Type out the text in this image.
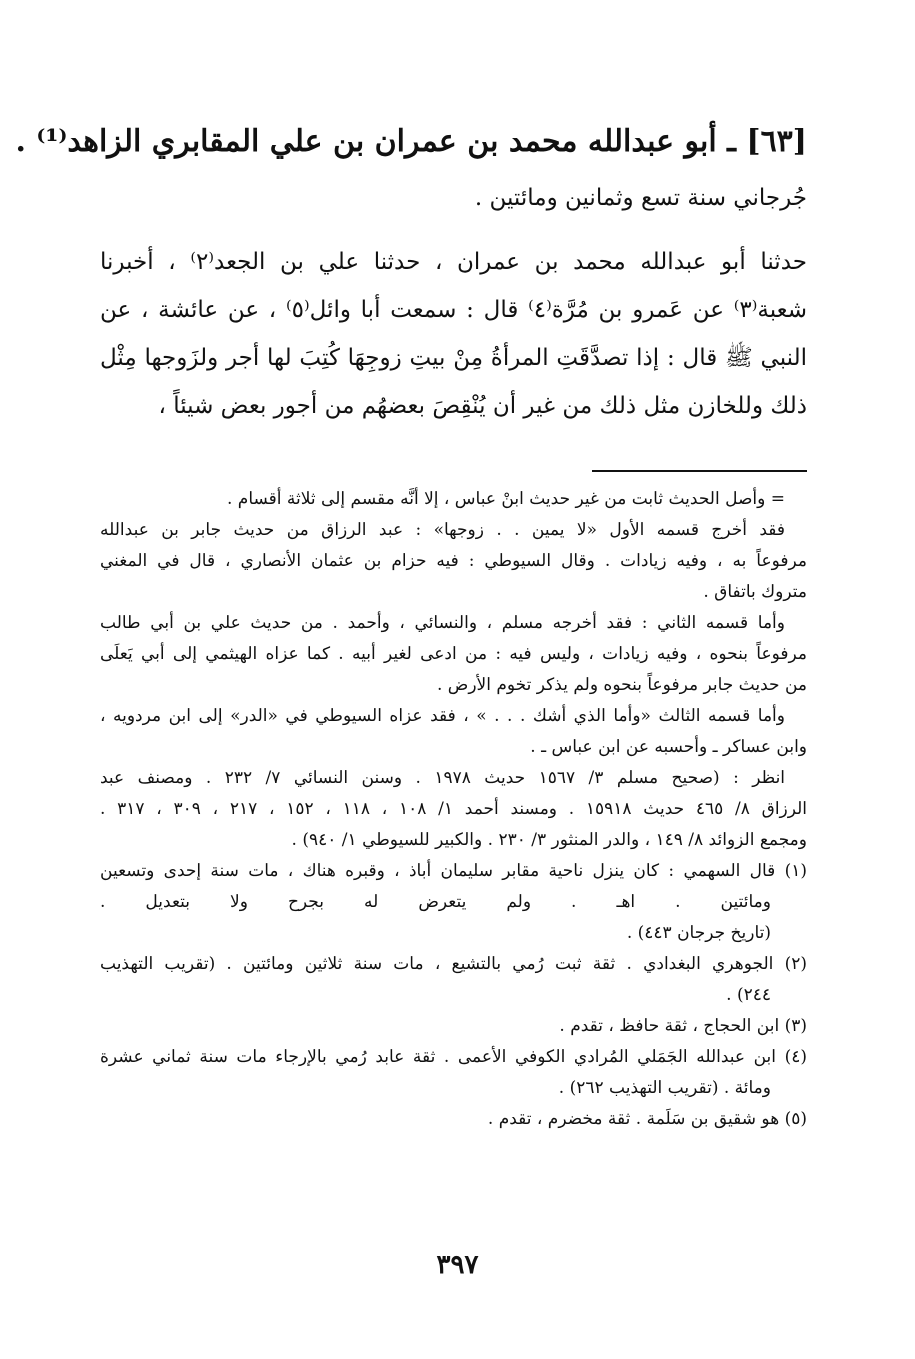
[٦٣] ـ أبو عبدالله محمد بن عمران بن علي المقابري الزاهد⁽¹⁾ .
جُرجاني سنة تسع وثمانين ومائتين .
حدثنا أبو عبدالله محمد بن عمران ، حدثنا علي بن الجعد⁽٢⁾ ، أخبرنا
شعبة⁽٣⁾ عن عَمرو بن مُرَّة⁽٤⁾ قال : سمعت أبا وائل⁽٥⁾ ، عن عائشة ، عن
النبي ﷺ قال : إذا تصدَّقَتِ المرأةُ مِنْ بيتِ زوجِهَا كُتِبَ لها أجر ولزَوجها مِثْل
ذلك وللخازن مثل ذلك من غير أن يُنْقِصَ بعضهُم من أجور بعض شيئاً ،
= وأصل الحديث ثابت من غير حديث ابنْ عباس ، إلا أنَّه مقسم إلى ثلاثة أقسام .
فقد أخرج قسمه الأول «لا يمين . . زوجها» : عبد الرزاق من حديث جابر بن عبدالله
مرفوعاً به ، وفيه زيادات . وقال السيوطي : فيه حزام بن عثمان الأنصاري ، قال في المغني
متروك باتفاق .
وأما قسمه الثاني : فقد أخرجه مسلم ، والنسائي ، وأحمد . من حديث علي بن أبي طالب
مرفوعاً بنحوه ، وفيه زيادات ، وليس فيه : من ادعى لغير أبيه . كما عزاه الهيثمي إلى أبي يَعلَى
من حديث جابر مرفوعاً بنحوه ولم يذكر تخوم الأرض .
وأما قسمه الثالث «وأما الذي أشك . . . » ، فقد عزاه السيوطي في «الدر» إلى ابن مردويه ،
وابن عساكر ـ وأحسبه عن ابن عباس ـ .
انظر : (صحيح مسلم ٣/ ١٥٦٧ حديث ١٩٧٨ . وسنن النسائي ٧/ ٢٣٢ . ومصنف عبد
الرزاق ٨/ ٤٦٥ حديث ١٥٩١٨ . ومسند أحمد ١/ ١٠٨ ، ١١٨ ، ١٥٢ ، ٢١٧ ، ٣٠٩ ، ٣١٧ .
ومجمع الزوائد ٨/ ١٤٩ ، والدر المنثور ٣/ ٢٣٠ . والكبير للسيوطي ١/ ٩٤٠) .
(١) قال السهمي : كان ينزل ناحية مقابر سليمان أباذ ، وقبره هناك ، مات سنة إحدى وتسعين
ومائتين . اهـ . ولم يتعرض له بجرح ولا بتعديل .
(تاريخ جرجان ٤٤٣) .
(٢) الجوهري البغدادي . ثقة ثبت رُمي بالتشيع ، مات سنة ثلاثين ومائتين . (تقريب التهذيب
٢٤٤) .
(٣) ابن الحجاج ، ثقة حافظ ، تقدم .
(٤) ابن عبدالله الجَمَلي المُرادي الكوفي الأعمى . ثقة عابد رُمي بالإرجاء مات سنة ثماني عشرة
ومائة . (تقريب التهذيب ٢٦٢) .
(٥) هو شقيق بن سَلَمة . ثقة مخضرم ، تقدم .
٣٩٧
